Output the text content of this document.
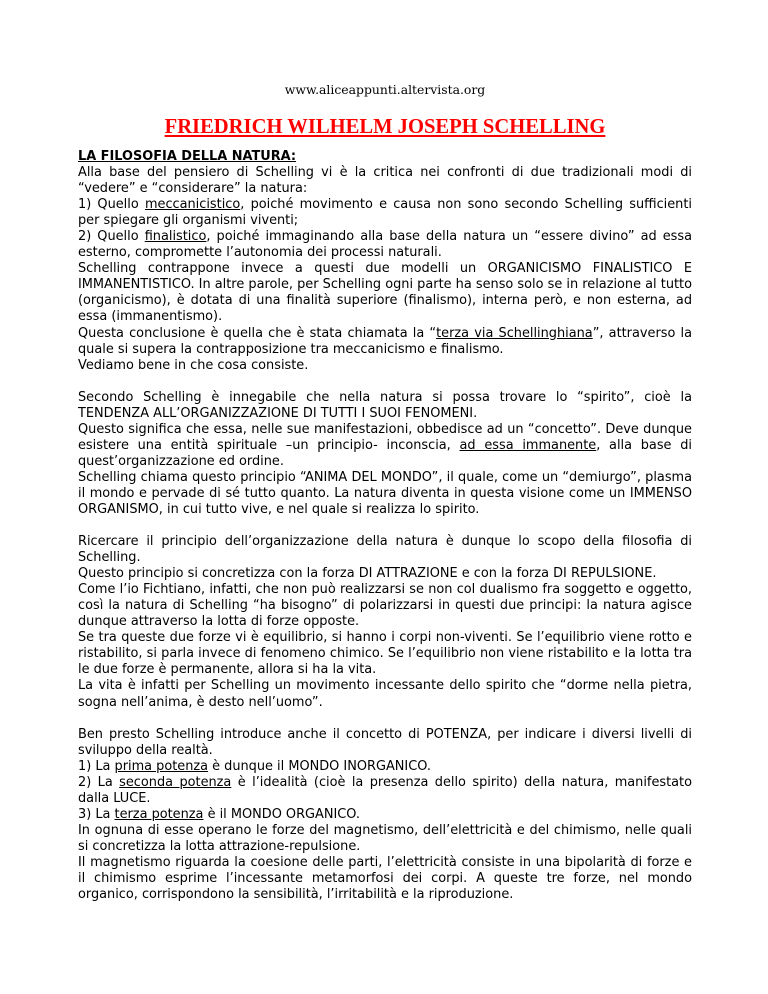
www.aliceappunti.altervista.org

FRIEDRICH WILHELM JOSEPH SCHELLING

LA FILOSOFIA DELLA NATURA:

Alla base del pensiero di Schelling vi è la critica nei confronti di due tradizionali modi di “vedere” e “considerare” la natura:

1) Quello meccanicistico, poiché movimento e causa non sono secondo Schelling sufficienti per spiegare gli organismi viventi;

2) Quello finalistico, poiché immaginando alla base della natura un “essere divino” ad essa esterno, compromette l’autonomia dei processi naturali.

Schelling contrappone invece a questi due modelli un ORGANICISMO FINALISTICO E IMMANENTISTICO. In altre parole, per Schelling ogni parte ha senso solo se in relazione al tutto (organicismo), è dotata di una finalità superiore (finalismo), interna però, e non esterna, ad essa (immanentismo).

Questa conclusione è quella che è stata chiamata la “terza via Schellinghiana”, attraverso la quale si supera la contrapposizione tra meccanicismo e finalismo.

Vediamo bene in che cosa consiste.

Secondo Schelling è innegabile che nella natura si possa trovare lo “spirito”, cioè la TENDENZA ALL’ORGANIZZAZIONE DI TUTTI I SUOI FENOMENI.

Questo significa che essa, nelle sue manifestazioni, obbedisce ad un “concetto”. Deve dunque esistere una entità spirituale –un principio- inconscia, ad essa immanente, alla base di quest’organizzazione ed ordine.

Schelling chiama questo principio “ANIMA DEL MONDO”, il quale, come un “demiurgo”, plasma il mondo e pervade di sé tutto quanto. La natura diventa in questa visione come un IMMENSO ORGANISMO, in cui tutto vive, e nel quale si realizza lo spirito.

Ricercare il principio dell’organizzazione della natura è dunque lo scopo della filosofia di Schelling.

Questo principio si concretizza con la forza DI ATTRAZIONE e con la forza DI REPULSIONE.

Come l’io Fichtiano, infatti, che non può realizzarsi se non col dualismo fra soggetto e oggetto, così la natura di Schelling “ha bisogno” di polarizzarsi in questi due principi: la natura agisce dunque attraverso la lotta di forze opposte.

Se tra queste due forze vi è equilibrio, si hanno i corpi non-viventi. Se l’equilibrio viene rotto e ristabilito, si parla invece di fenomeno chimico. Se l’equilibrio non viene ristabilito e la lotta tra le due forze è permanente, allora si ha la vita.

La vita è infatti per Schelling un movimento incessante dello spirito che “dorme nella pietra, sogna nell’anima, è desto nell’uomo”.

Ben presto Schelling introduce anche il concetto di POTENZA, per indicare i diversi livelli di sviluppo della realtà.

1) La prima potenza è dunque il MONDO INORGANICO.

2) La seconda potenza è l’idealità (cioè la presenza dello spirito) della natura, manifestato dalla LUCE.

3) La terza potenza è il MONDO ORGANICO.

In ognuna di esse operano le forze del magnetismo, dell’elettricità e del chimismo, nelle quali si concretizza la lotta attrazione-repulsione.

Il magnetismo riguarda la coesione delle parti, l’elettricità consiste in una bipolarità di forze e il chimismo esprime l’incessante metamorfosi dei corpi. A queste tre forze, nel mondo organico, corrispondono la sensibilità, l’irritabilità e la riproduzione.
